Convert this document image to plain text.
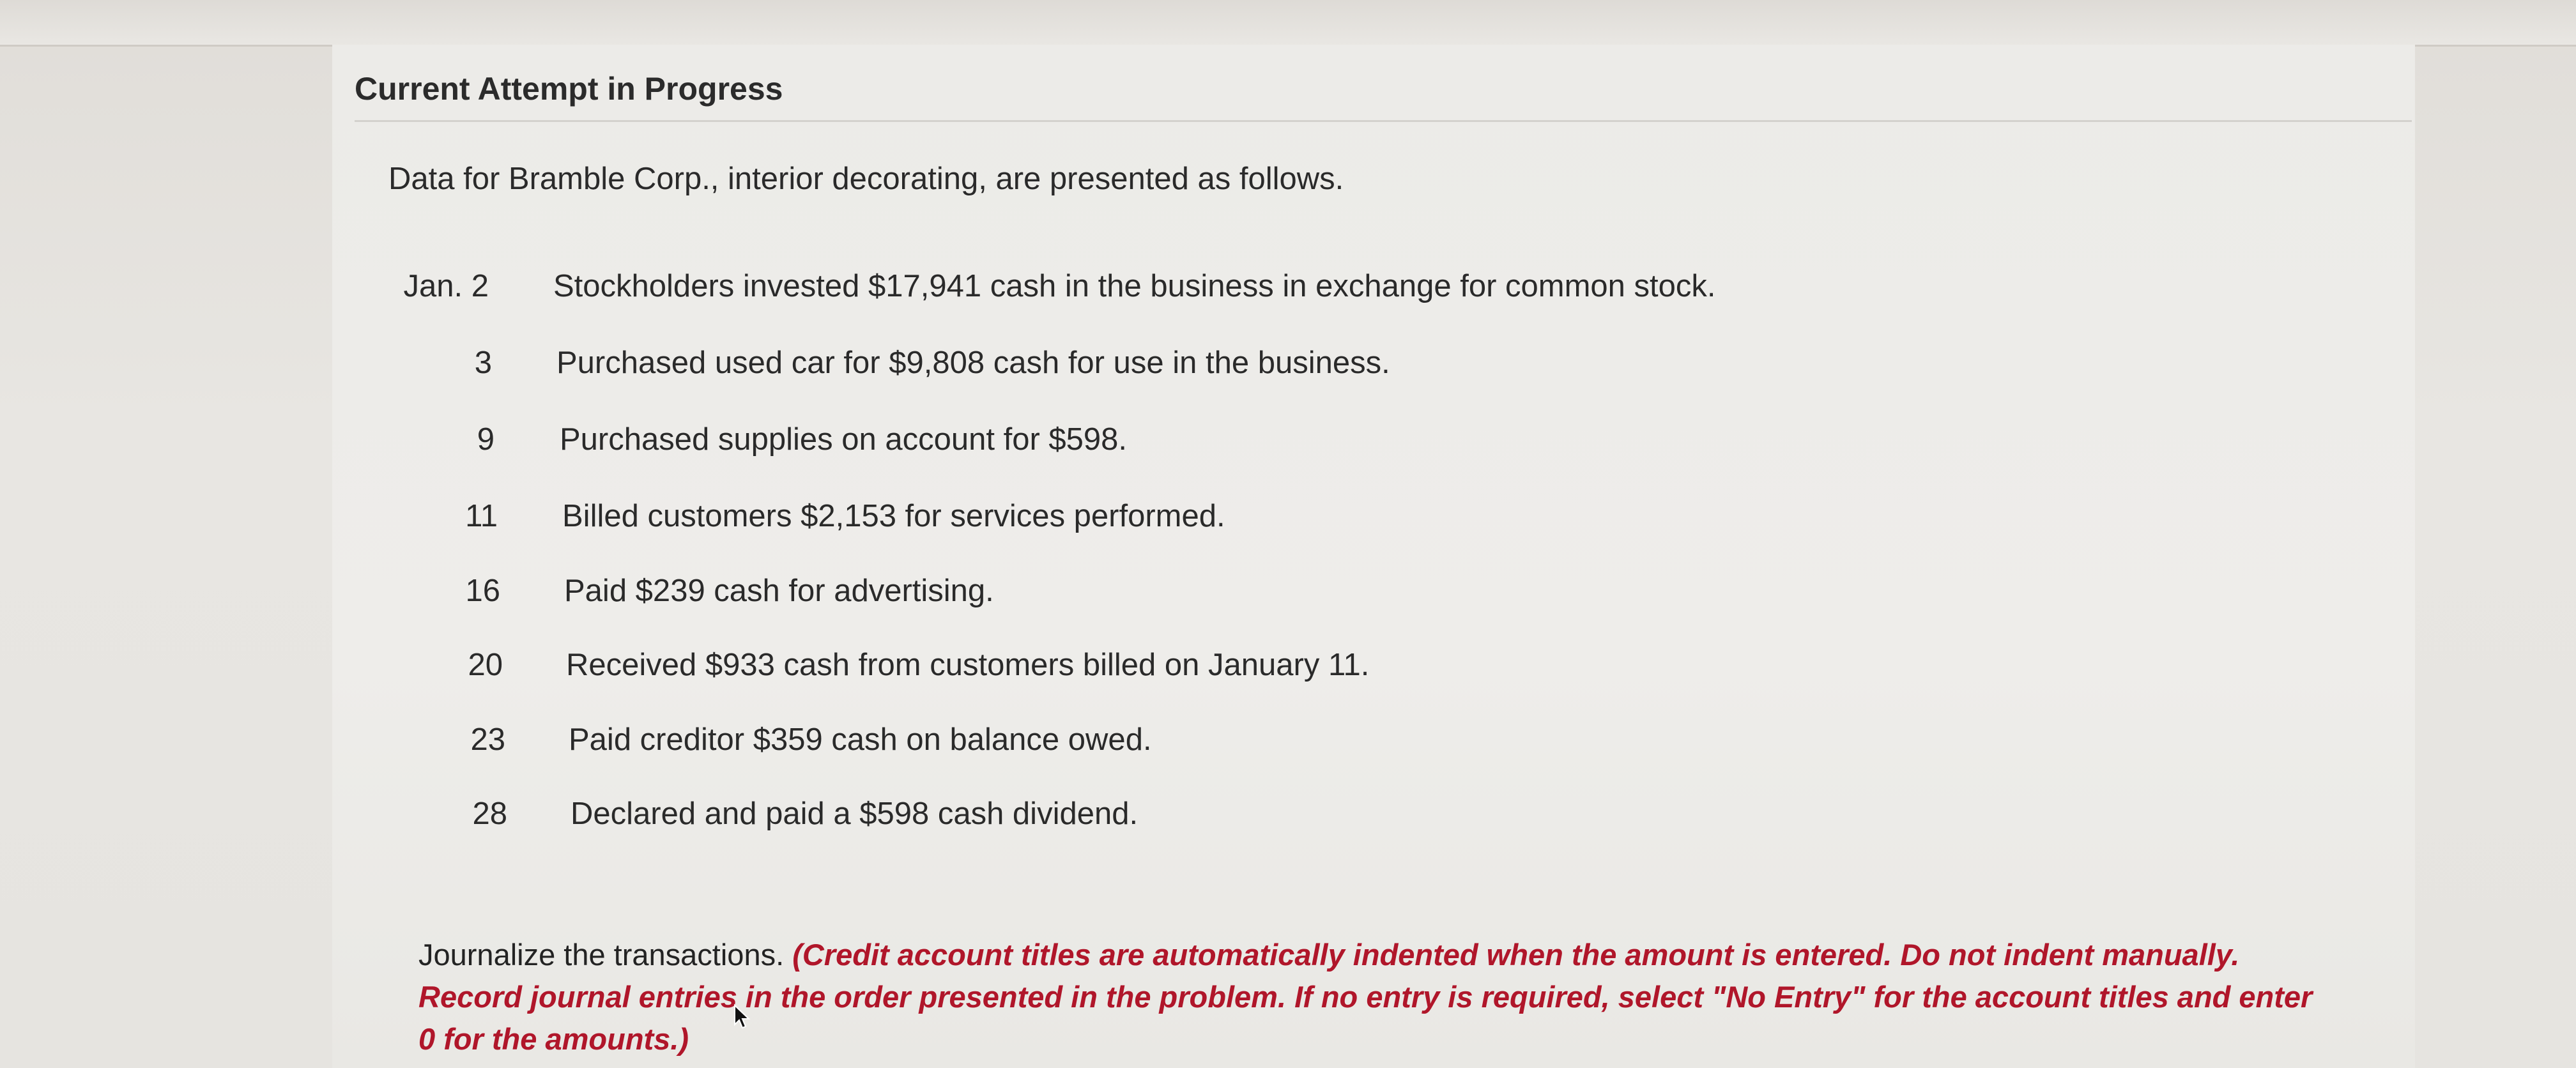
Current Attempt in Progress
Data for Bramble Corp., interior decorating, are presented as follows.
Jan. 2 Stockholders invested $17,941 cash in the business in exchange for common stock.
3 Purchased used car for $9,808 cash for use in the business.
9 Purchased supplies on account for $598.
11 Billed customers $2,153 for services performed.
16 Paid $239 cash for advertising.
20 Received $933 cash from customers billed on January 11.
23 Paid creditor $359 cash on balance owed.
28 Declared and paid a $598 cash dividend.
Journalize the transactions. (Credit account titles are automatically indented when the amount is entered. Do not indent manually. Record journal entries in the order presented in the problem. If no entry is required, select "No Entry" for the account titles and enter 0 for the amounts.)
